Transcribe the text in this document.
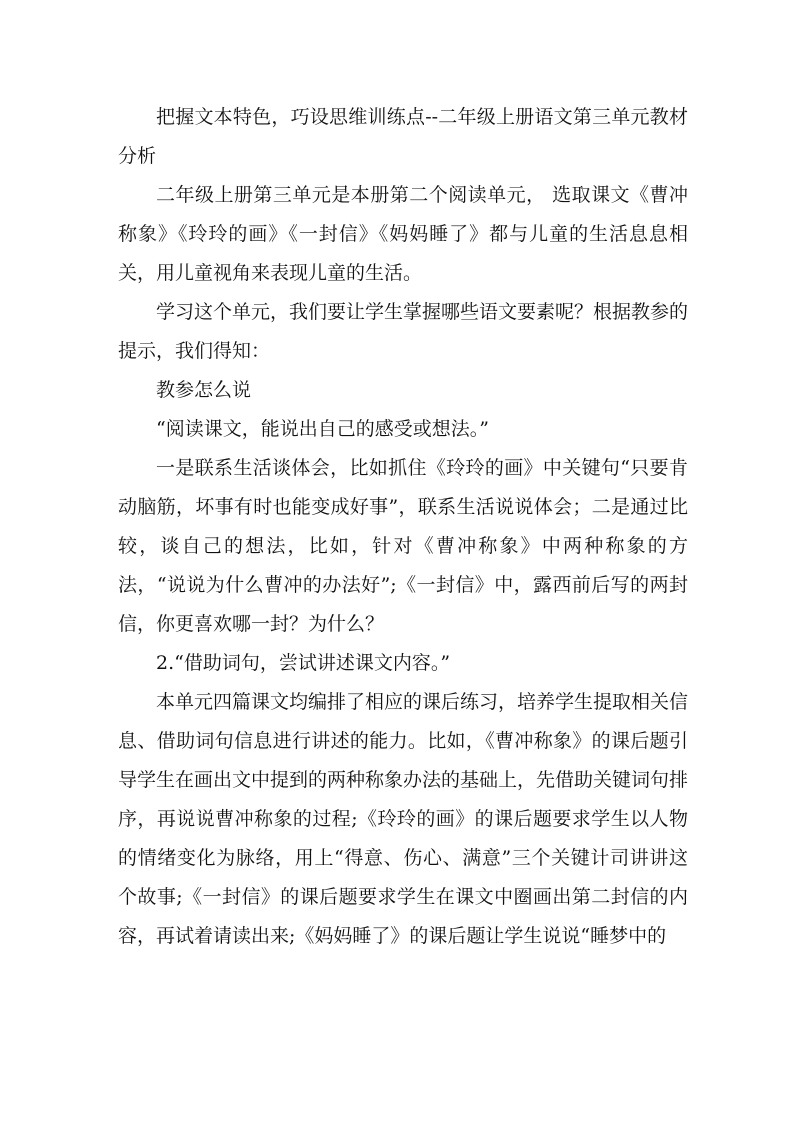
把握文本特色，巧设思维训练点--二年级上册语文第三单元教材分析

二年级上册第三单元是本册第二个阅读单元， 选取课文《曹冲称象》《玲玲的画》《一封信》《妈妈睡了》都与儿童的生活息息相关，用儿童视角来表现儿童的生活。

学习这个单元，我们要让学生掌握哪些语文要素呢？根据教参的提示，我们得知：

教参怎么说

“阅读课文，能说出自己的感受或想法。”

一是联系生活谈体会，比如抓住《玲玲的画》中关键句“只要肯动脑筋，坏事有时也能变成好事”，联系生活说说体会；二是通过比较，谈自己的想法，比如，针对《曹冲称象》中两种称象的方法，“说说为什么曹冲的办法好”;《一封信》中，露西前后写的两封信，你更喜欢哪一封？为什么？

2.“借助词句，尝试讲述课文内容。”

本单元四篇课文均编排了相应的课后练习，培养学生提取相关信息、借助词句信息进行讲述的能力。比如，《曹冲称象》的课后题引导学生在画出文中提到的两种称象办法的基础上，先借助关键词句排序，再说说曹冲称象的过程;《玲玲的画》的课后题要求学生以人物的情绪变化为脉络，用上“得意、伤心、满意”三个关键计司讲讲这个故事;《一封信》的课后题要求学生在课文中圈画出第二封信的内容，再试着请读出来;《妈妈睡了》的课后题让学生说说“睡梦中的
